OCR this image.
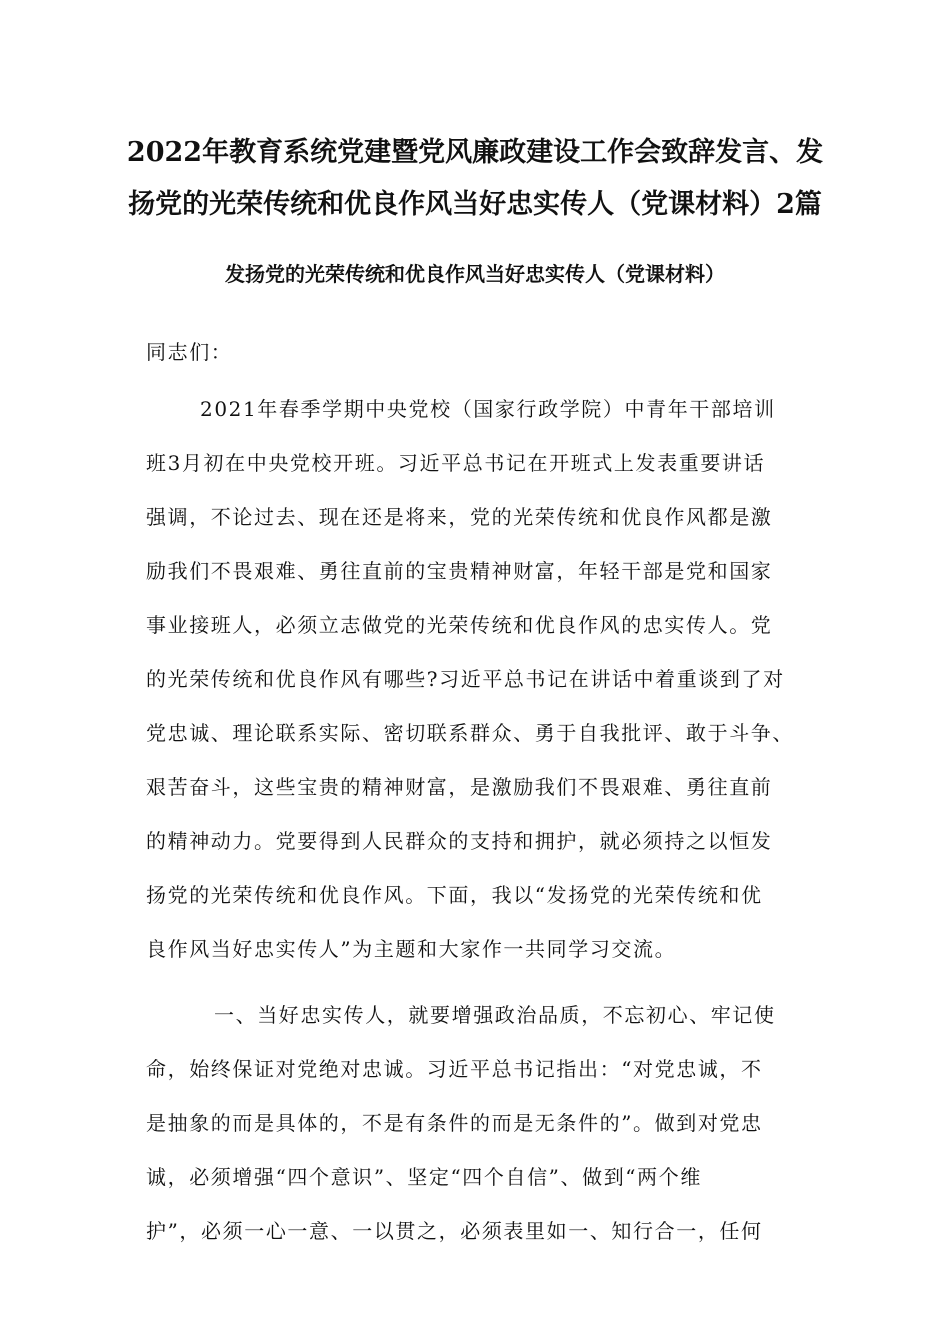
2022年教育系统党建暨党风廉政建设工作会致辞发言、发
扬党的光荣传统和优良作风当好忠实传人（党课材料）2篇
发扬党的光荣传统和优良作风当好忠实传人（党课材料）

同志们：

2021年春季学期中央党校（国家行政学院）中青年干部培训

班3月初在中央党校开班。习近平总书记在开班式上发表重要讲话

强调，不论过去、现在还是将来，党的光荣传统和优良作风都是激

励我们不畏艰难、勇往直前的宝贵精神财富，年轻干部是党和国家

事业接班人，必须立志做党的光荣传统和优良作风的忠实传人。党

的光荣传统和优良作风有哪些?习近平总书记在讲话中着重谈到了对

党忠诚、理论联系实际、密切联系群众、勇于自我批评、敢于斗争、

艰苦奋斗，这些宝贵的精神财富，是激励我们不畏艰难、勇往直前

的精神动力。党要得到人民群众的支持和拥护，就必须持之以恒发

扬党的光荣传统和优良作风。下面，我以“发扬党的光荣传统和优

良作风当好忠实传人”为主题和大家作一共同学习交流。

一、当好忠实传人，就要增强政治品质，不忘初心、牢记使

命，始终保证对党绝对忠诚。习近平总书记指出：“对党忠诚，不

是抽象的而是具体的，不是有条件的而是无条件的”。做到对党忠

诚，必须增强“四个意识”、坚定“四个自信”、做到“两个维

护”，必须一心一意、一以贯之，必须表里如一、知行合一，任何
